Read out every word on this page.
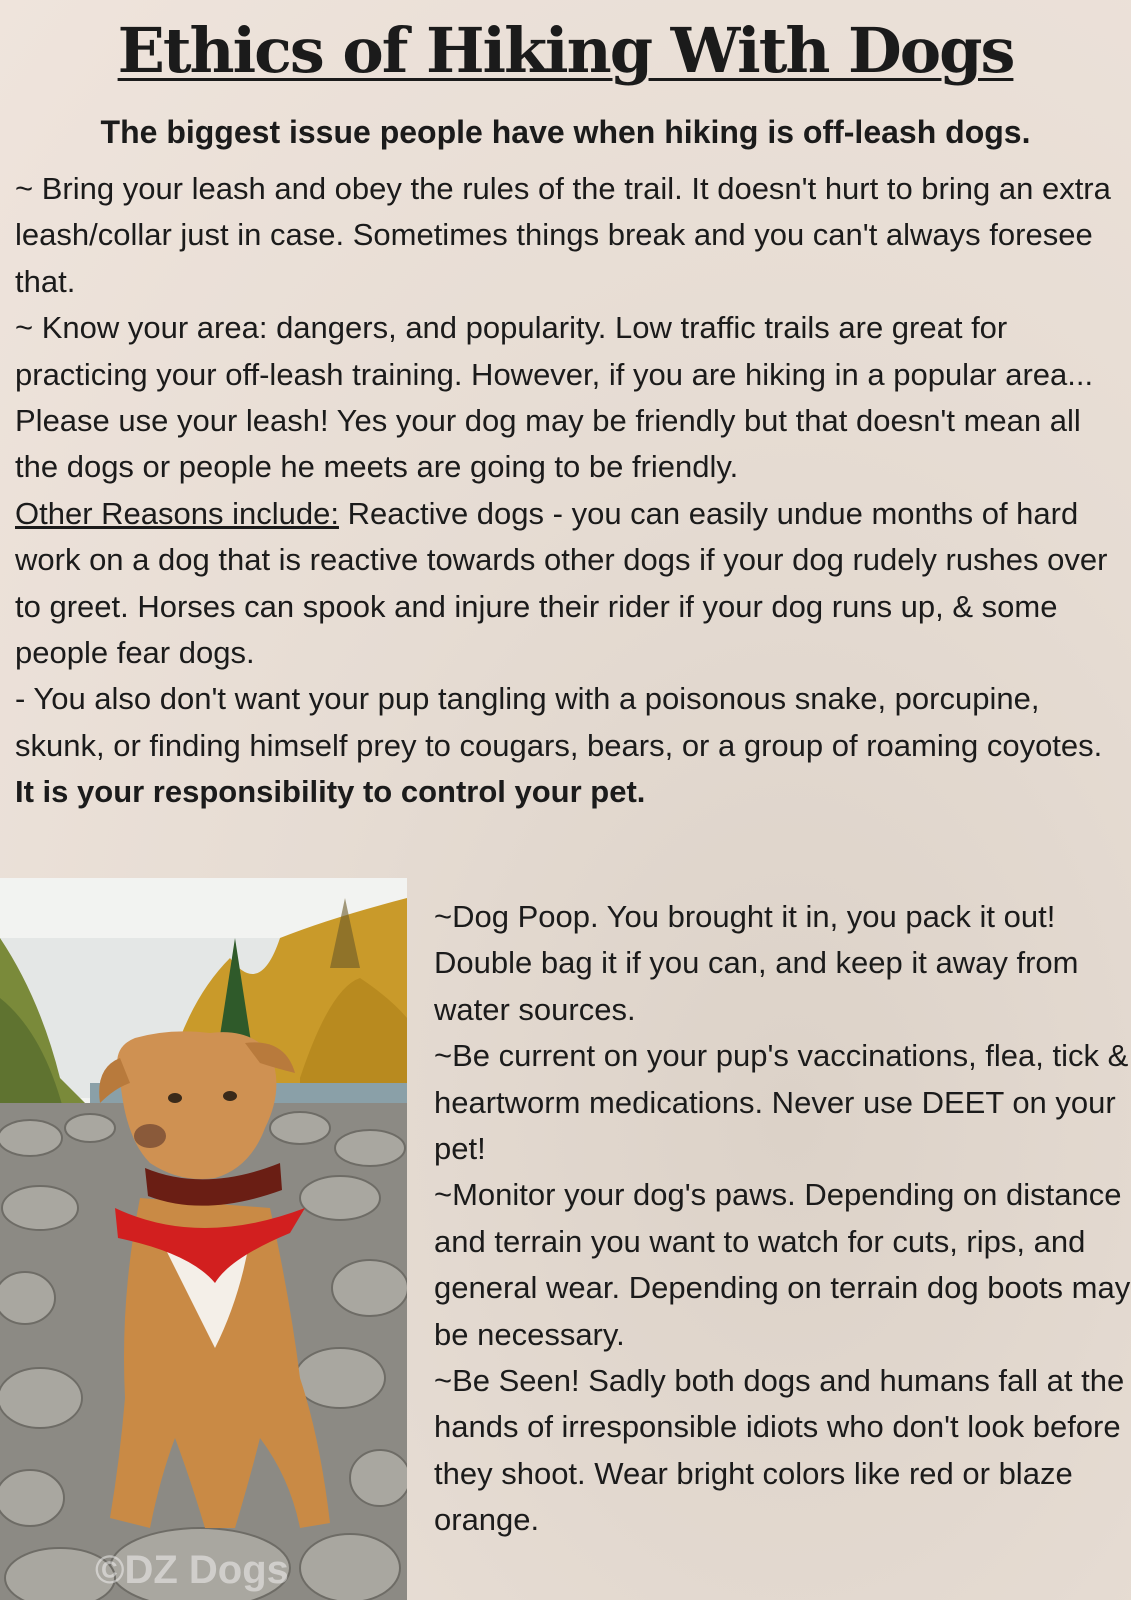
Ethics of Hiking With Dogs

The biggest issue people have when hiking is off-leash dogs.

~ Bring your leash and obey the rules of the trail. It doesn't hurt to bring an extra leash/collar just in case. Sometimes things break and you can't always foresee that.

~ Know your area: dangers, and popularity. Low traffic trails are great for practicing your off-leash training. However, if you are hiking in a popular area... Please use your leash! Yes your dog may be friendly but that doesn't mean all the dogs or people he meets are going to be friendly.

Other Reasons include: Reactive dogs - you can easily undue months of hard work on a dog that is reactive towards other dogs if your dog rudely rushes over to greet. Horses can spook and injure their rider if your dog runs up, & some people fear dogs.

- You also don't want your pup tangling with a poisonous snake, porcupine, skunk, or finding himself prey to cougars, bears, or a group of roaming coyotes.

It is your responsibility to control your pet.

©DZ Dogs

~Dog Poop. You brought it in, you pack it out! Double bag it if you can, and keep it away from water sources.

~Be current on your pup's vaccinations, flea, tick & heartworm medications. Never use DEET on your pet!

~Monitor your dog's paws. Depending on distance and terrain you want to watch for cuts, rips, and general wear. Depending on terrain dog boots may be necessary.

~Be Seen! Sadly both dogs and humans fall at the hands of irresponsible idiots who don't look before they shoot. Wear bright colors like red or blaze orange.
